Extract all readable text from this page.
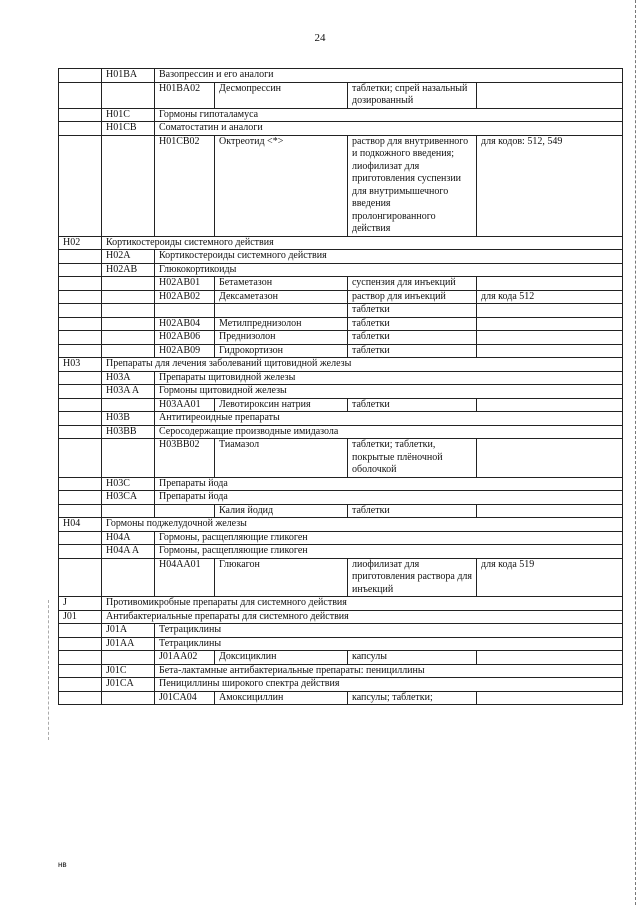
24
	H01BA	Вазопрессин и его аналоги			
		H01BA02	Десмопрессин	таблетки; спрей назальный дозированный	
	H01C	Гормоны гипоталамуса			
	H01CB	Соматостатин и аналоги			
		H01CB02	Октреотид <*>	раствор для внутривенного и подкожного введения; лиофилизат для приготовления суспензии для внутримышечного введения пролонгированного действия	для кодов: 512, 549
H02	Кортикостероиды системного действия				
	H02A	Кортикостероиды системного действия			
	H02AB	Глюкокортикоиды			
		H02AB01	Бетаметазон	суспензия для инъекций	
		H02AB02	Дексаметазон	раствор для инъекций	для кода 512
				таблетки	
		H02AB04	Метилпреднизолон	таблетки	
		H02AB06	Преднизолон	таблетки	
		H02AB09	Гидрокортизон	таблетки	
H03	Препараты для лечения заболеваний щитовидной железы				
	H03A	Препараты щитовидной железы			
	H03A A	Гормоны щитовидной железы			
		H03AA01	Левотироксин натрия	таблетки	
	H03B	Антитиреоидные препараты			
	H03BB	Серосодержащие производные имидазола			
		H03BB02	Тиамазол	таблетки; таблетки, покрытые плёночной оболочкой	
	H03C	Препараты йода			
	H03CA	Препараты йода			
			Калия йодид	таблетки	
H04	Гормоны поджелудочной железы				
	H04A	Гормоны, расщепляющие гликоген			
	H04A A	Гормоны, расщепляющие гликоген			
		H04AA01	Глюкагон	лиофилизат для приготовления раствора для инъекций	для кода 519
J	Противомикробные препараты для системного действия				
J01	Антибактериальные препараты для системного действия				
	J01A	Тетрациклины			
	J01AA	Тетрациклины			
		J01AA02	Доксициклин	капсулы	
	J01C	Бета-лактамные антибактериальные препараты: пенициллины			
	J01CA	Пенициллины широкого спектра действия			
		J01CA04	Амоксициллин	капсулы; таблетки;	
нв
